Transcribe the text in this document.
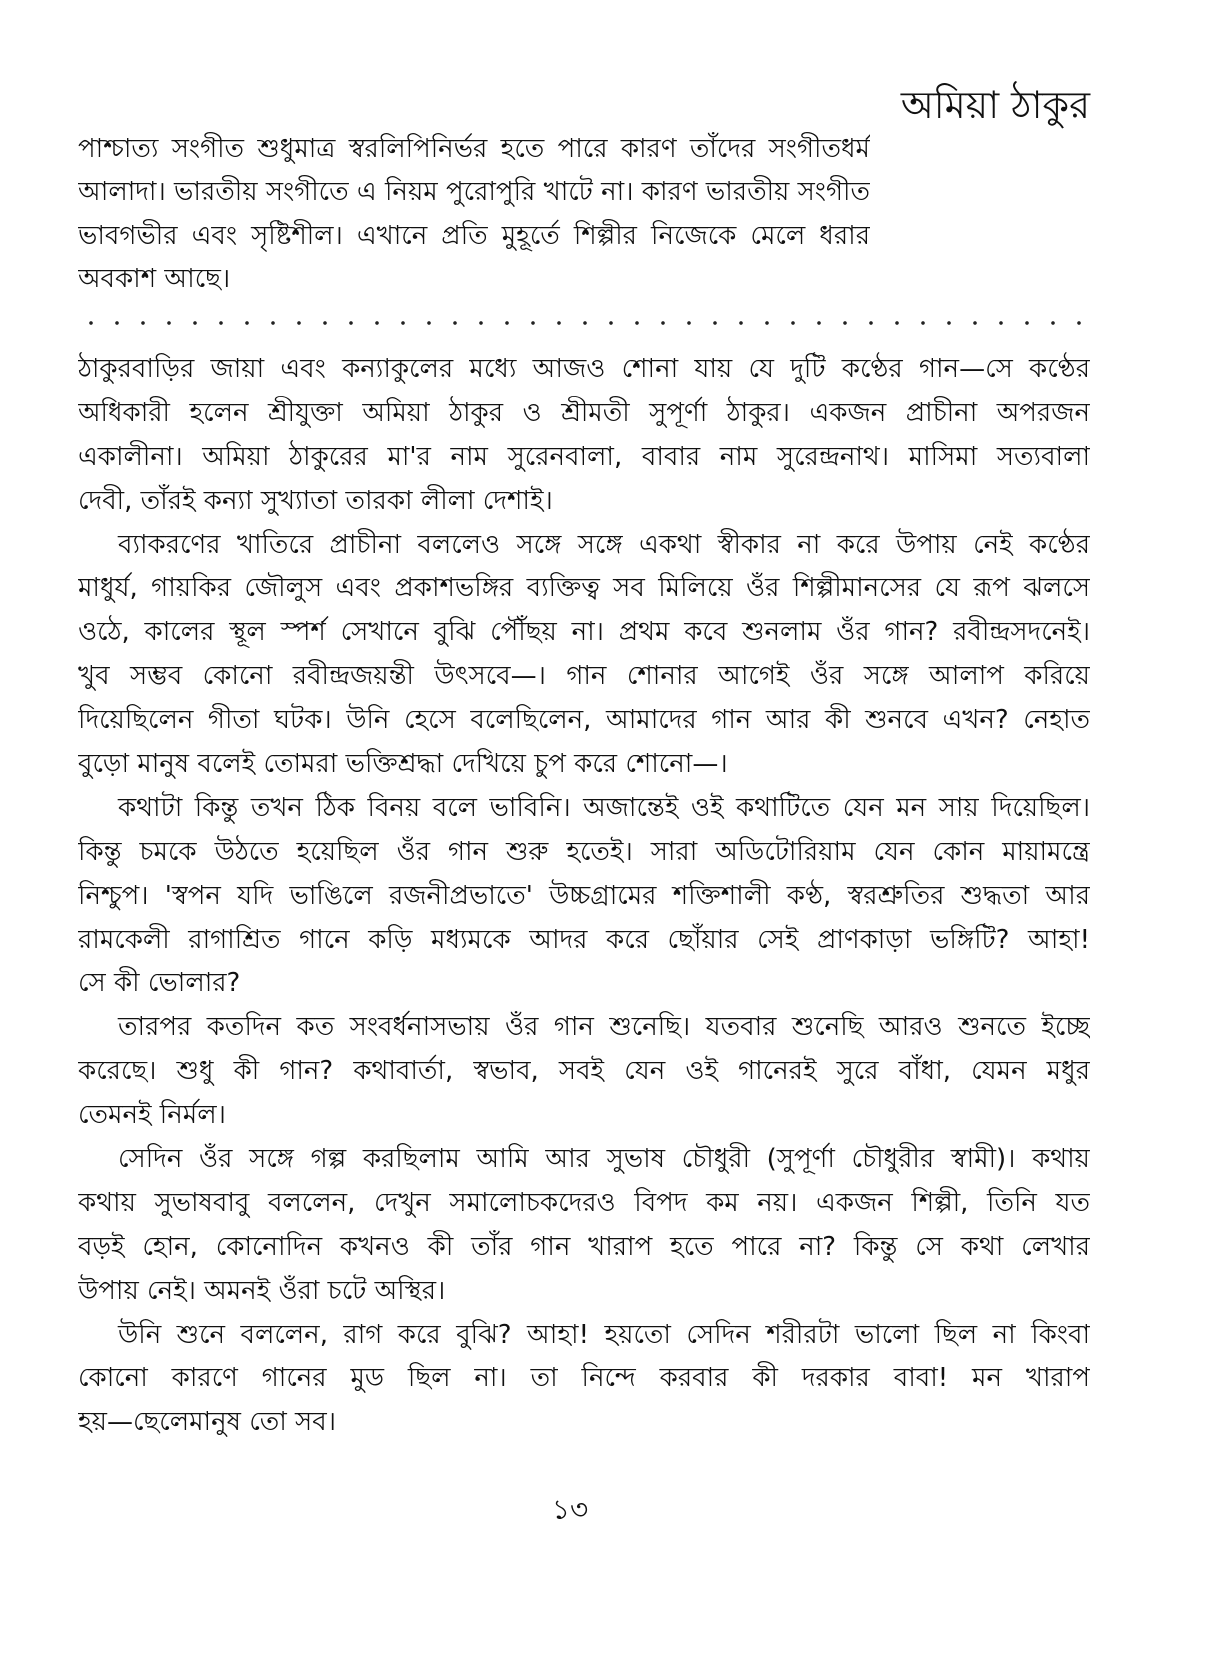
অমিয়া ঠাকুর
পাশ্চাত্য সংগীত শুধুমাত্র স্বরলিপিনির্ভর হতে পারে কারণ তাঁদের সংগীতধর্ম
আলাদা। ভারতীয় সংগীতে এ নিয়ম পুরোপুরি খাটে না। কারণ ভারতীয় সংগীত
ভাবগভীর এবং সৃষ্টিশীল। এখানে প্রতি মুহূর্তে শিল্পীর নিজেকে মেলে ধরার
অবকাশ আছে।
ঠাকুরবাড়ির জায়া এবং কন্যাকুলের মধ্যে আজও শোনা যায় যে দুটি কণ্ঠের গান—সে কণ্ঠের
অধিকারী হলেন শ্রীযুক্তা অমিয়া ঠাকুর ও শ্রীমতী সুপূর্ণা ঠাকুর। একজন প্রাচীনা অপরজন
একালীনা। অমিয়া ঠাকুরের মা'র নাম সুরেনবালা, বাবার নাম সুরেন্দ্রনাথ। মাসিমা সত্যবালা
দেবী, তাঁরই কন্যা সুখ্যাতা তারকা লীলা দেশাই।
ব্যাকরণের খাতিরে প্রাচীনা বললেও সঙ্গে সঙ্গে একথা স্বীকার না করে উপায় নেই কণ্ঠের
মাধুর্য, গায়কির জৌলুস এবং প্রকাশভঙ্গির ব্যক্তিত্ব সব মিলিয়ে ওঁর শিল্পীমানসের যে রূপ ঝলসে
ওঠে, কালের স্থূল স্পর্শ সেখানে বুঝি পৌঁছয় না। প্রথম কবে শুনলাম ওঁর গান? রবীন্দ্রসদনেই।
খুব সম্ভব কোনো রবীন্দ্রজয়ন্তী উৎসবে—। গান শোনার আগেই ওঁর সঙ্গে আলাপ করিয়ে
দিয়েছিলেন গীতা ঘটক। উনি হেসে বলেছিলেন, আমাদের গান আর কী শুনবে এখন? নেহাত
বুড়ো মানুষ বলেই তোমরা ভক্তিশ্রদ্ধা দেখিয়ে চুপ করে শোনো—।
কথাটা কিন্তু তখন ঠিক বিনয় বলে ভাবিনি। অজান্তেই ওই কথাটিতে যেন মন সায় দিয়েছিল।
কিন্তু চমকে উঠতে হয়েছিল ওঁর গান শুরু হতেই। সারা অডিটোরিয়াম যেন কোন মায়ামন্ত্রে
নিশ্চুপ। 'স্বপন যদি ভাঙিলে রজনীপ্রভাতে' উচ্চগ্রামের শক্তিশালী কণ্ঠ, স্বরশ্রুতির শুদ্ধতা আর
রামকেলী রাগাশ্রিত গানে কড়ি মধ্যমকে আদর করে ছোঁয়ার সেই প্রাণকাড়া ভঙ্গিটি? আহা!
সে কী ভোলার?
তারপর কতদিন কত সংবর্ধনাসভায় ওঁর গান শুনেছি। যতবার শুনেছি আরও শুনতে ইচ্ছে
করেছে। শুধু কী গান? কথাবার্তা, স্বভাব, সবই যেন ওই গানেরই সুরে বাঁধা, যেমন মধুর
তেমনই নির্মল।
সেদিন ওঁর সঙ্গে গল্প করছিলাম আমি আর সুভাষ চৌধুরী (সুপূর্ণা চৌধুরীর স্বামী)। কথায়
কথায় সুভাষবাবু বললেন, দেখুন সমালোচকদেরও বিপদ কম নয়। একজন শিল্পী, তিনি যত
বড়ই হোন, কোনোদিন কখনও কী তাঁর গান খারাপ হতে পারে না? কিন্তু সে কথা লেখার
উপায় নেই। অমনই ওঁরা চটে অস্থির।
উনি শুনে বললেন, রাগ করে বুঝি? আহা! হয়তো সেদিন শরীরটা ভালো ছিল না কিংবা
কোনো কারণে গানের মুড ছিল না। তা নিন্দে করবার কী দরকার বাবা! মন খারাপ
হয়—ছেলেমানুষ তো সব।
১৩
